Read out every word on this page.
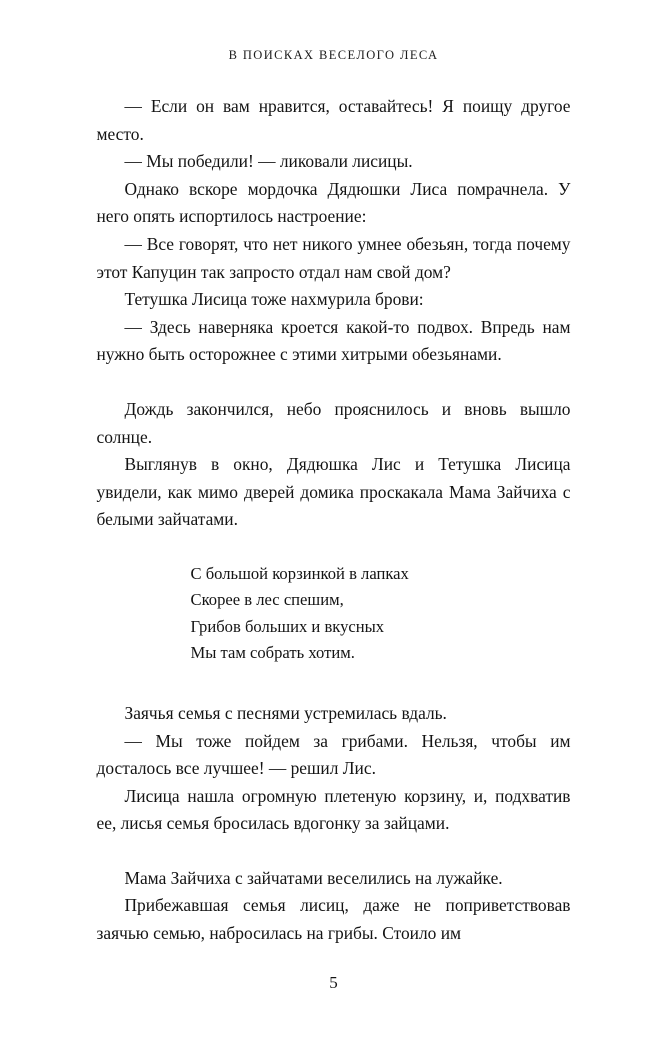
В ПОИСКАХ ВЕСЕЛОГО ЛЕСА

— Если он вам нравится, оставайтесь! Я поищу другое место.

— Мы победили! — ликовали лисицы.

Однако вскоре мордочка Дядюшки Лиса помрачнела. У него опять испортилось настроение:

— Все говорят, что нет никого умнее обезьян, тогда почему этот Капуцин так запросто отдал нам свой дом?

Тетушка Лисица тоже нахмурила брови:

— Здесь наверняка кроется какой-то подвох. Впредь нам нужно быть осторожнее с этими хитрыми обезьянами.

Дождь закончился, небо прояснилось и вновь вышло солнце.

Выглянув в окно, Дядюшка Лис и Тетушка Лисица увидели, как мимо дверей домика проскакала Мама Зайчиха с белыми зайчатами.

С большой корзинкой в лапках
Скорее в лес спешим,
Грибов больших и вкусных
Мы там собрать хотим.

Заячья семья с песнями устремилась вдаль.

— Мы тоже пойдем за грибами. Нельзя, чтобы им досталось все лучшее! — решил Лис.

Лисица нашла огромную плетеную корзину, и, подхватив ее, лисья семья бросилась вдогонку за зайцами.

Мама Зайчиха с зайчатами веселились на лужайке.

Прибежавшая семья лисиц, даже не поприветствовав заячью семью, набросилась на грибы. Стоило им

5
